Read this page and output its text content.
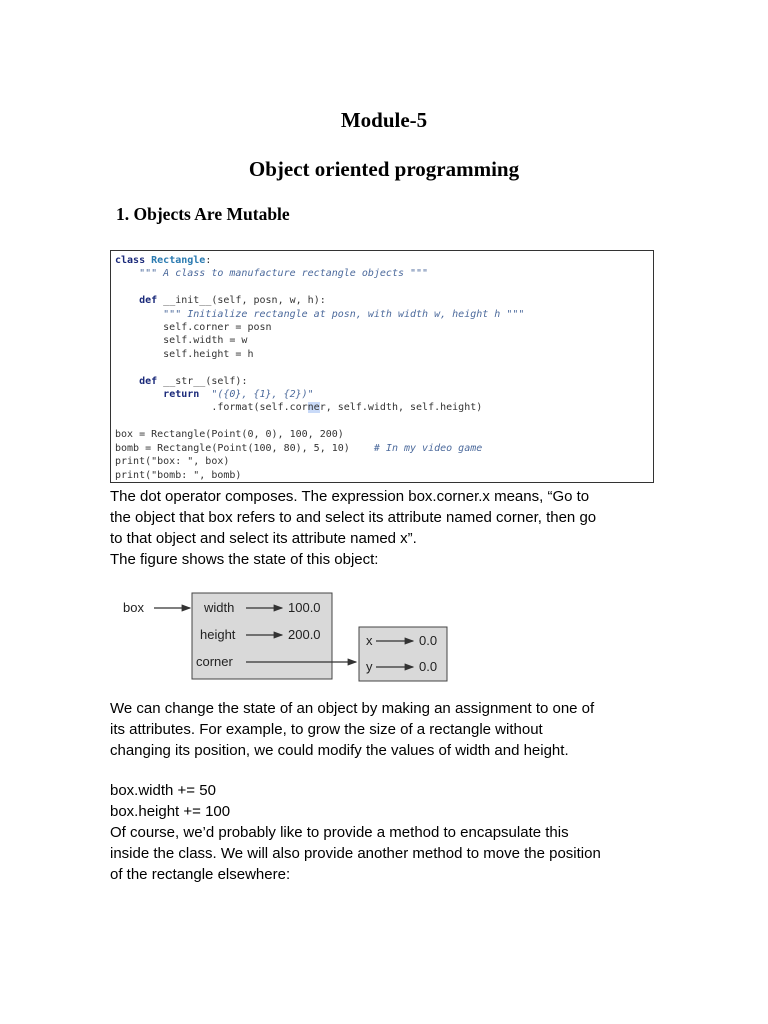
Module-5
Object oriented programming
1. Objects Are Mutable
class Rectangle:
""" A class to manufacture rectangle objects """

def __init__(self, posn, w, h):
""" Initialize rectangle at posn, with width w, height h """
self.corner = posn
self.width = w
self.height = h

def __str__(self):
return "({0}, {1}, {2})"
.format(self.corner, self.width, self.height)

box = Rectangle(Point(0, 0), 100, 200)
bomb = Rectangle(Point(100, 80), 5, 10)    # In my video game
print("box: ", box)
print("bomb: ", bomb)

The dot operator composes. The expression box.corner.x means, “Go to
the object that box refers to and select its attribute named corner, then go
to that object and select its attribute named x”.
The figure shows the state of this object:

box	width	100.0
height	200.0
corner
x	0.0
y	0.0

We can change the state of an object by making an assignment to one of
its attributes. For example, to grow the size of a rectangle without
changing its position, we could modify the values of width and height.

box.width += 50
box.height += 100
Of course, we’d probably like to provide a method to encapsulate this
inside the class. We will also provide another method to move the position
of the rectangle elsewhere:
